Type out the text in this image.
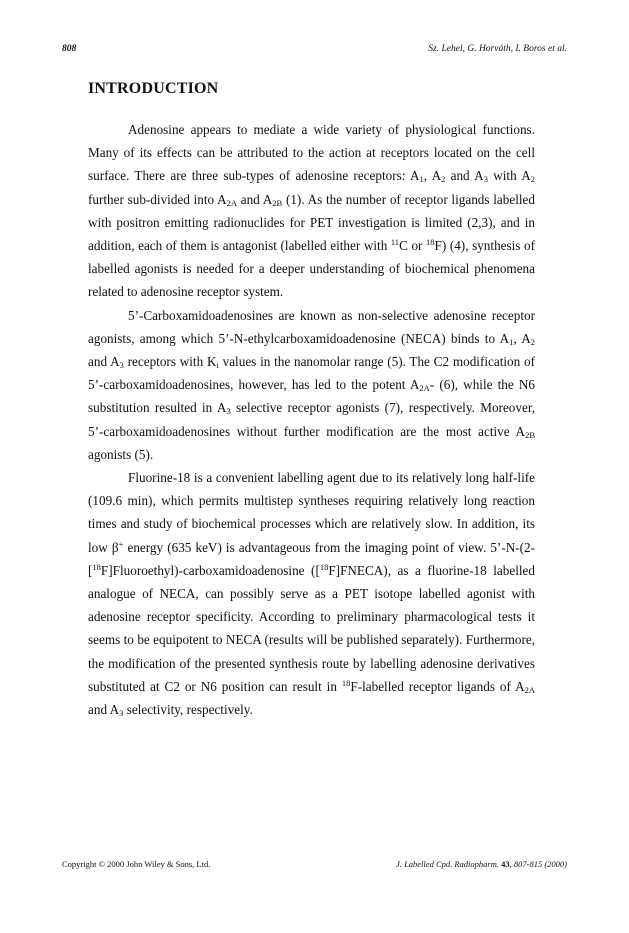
808	Sz. Lehel, G. Horváth, I. Boros et al.
INTRODUCTION

Adenosine appears to mediate a wide variety of physiological functions. Many of its effects can be attributed to the action at receptors located on the cell surface. There are three sub-types of adenosine receptors: $A_1$, $A_2$ and $A_3$ with $A_2$ further sub-divided into $A_{2A}$ and $A_{2B}$ (1). As the number of receptor ligands labelled with positron emitting radionuclides for PET investigation is limited (2,3), and in addition, each of them is antagonist (labelled either with $^{11}$C or $^{18}$F) (4), synthesis of labelled agonists is needed for a deeper understanding of biochemical phenomena related to adenosine receptor system.

5’-Carboxamidoadenosines are known as non-selective adenosine receptor agonists, among which 5’-N-ethylcarboxamidoadenosine (NECA) binds to $A_1$, $A_2$ and $A_3$ receptors with $K_i$ values in the nanomolar range (5). The C2 modification of 5’-carboxamidoadenosines, however, has led to the potent $A_{2A}-$ (6), while the N6 substitution resulted in $A_3$ selective receptor agonists (7), respectively. Moreover, 5’-carboxamidoadenosines without further modification are the most active $A_{2B}$ agonists (5).

Fluorine-18 is a convenient labelling agent due to its relatively long half-life (109.6 min), which permits multistep syntheses requiring relatively long reaction times and study of biochemical processes which are relatively slow. In addition, its low β+ energy (635 keV) is advantageous from the imaging point of view. 5’-N-(2-[$^{18}$F]Fluoroethyl)-carboxamidoadenosine ([$^{18}$F]FNECA), as a fluorine-18 labelled analogue of NECA, can possibly serve as a PET isotope labelled agonist with adenosine receptor specificity. According to preliminary pharmacological tests it seems to be equipotent to NECA (results will be published separately). Furthermore, the modification of the presented synthesis route by labelling adenosine derivatives substituted at C2 or N6 position can result in $^{18}$F-labelled receptor ligands of $A_{2A}$ and $A_3$ selectivity, respectively.

Copyright © 2000 John Wiley & Sons, Ltd.	J. Labelled Cpd. Radiopharm. 43, 807-815 (2000)
